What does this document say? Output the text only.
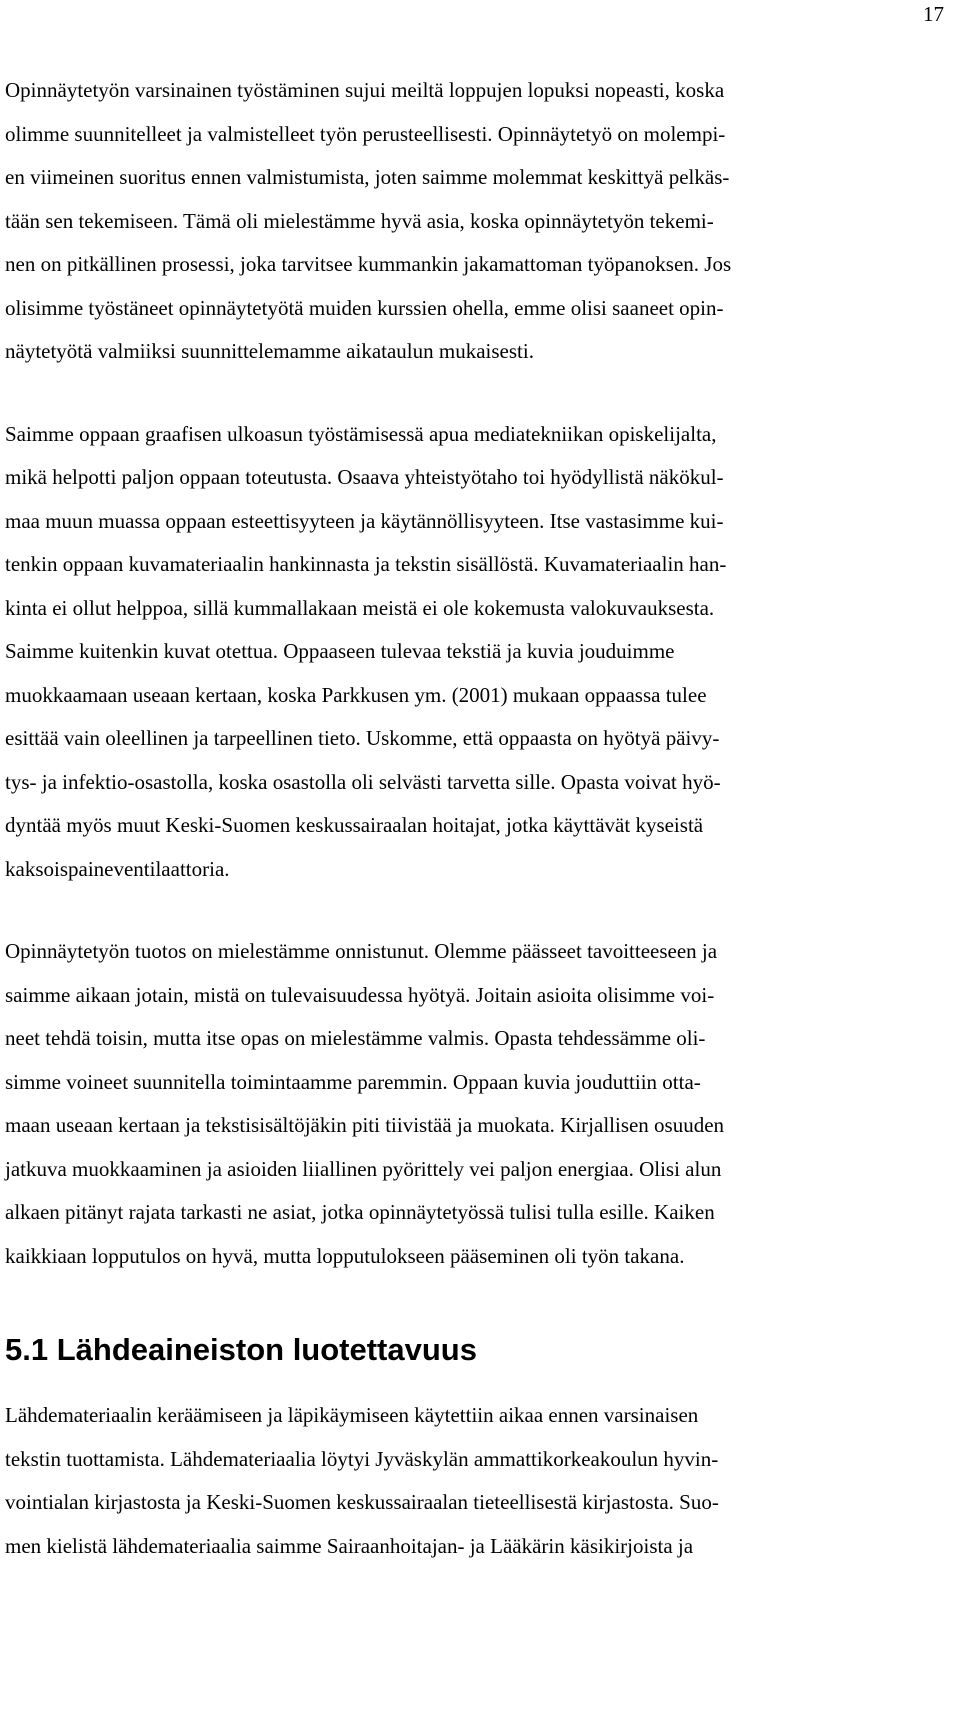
17

Opinnäytetyön varsinainen työstäminen sujui meiltä loppujen lopuksi nopeasti, koska
olimme suunnitelleet ja valmistelleet työn perusteellisesti. Opinnäytetyö on molempi-
en viimeinen suoritus ennen valmistumista, joten saimme molemmat keskittyä pelkäs-
tään sen tekemiseen. Tämä oli mielestämme hyvä asia, koska opinnäytetyön tekemi-
nen on pitkällinen prosessi, joka tarvitsee kummankin jakamattoman työpanoksen. Jos
olisimme työstäneet opinnäytetyötä muiden kurssien ohella, emme olisi saaneet opin-
näytetyötä valmiiksi suunnittelemamme aikataulun mukaisesti.

Saimme oppaan graafisen ulkoasun työstämisessä apua mediatekniikan opiskelijalta,
mikä helpotti paljon oppaan toteutusta. Osaava yhteistyötaho toi hyödyllistä näkökul-
maa muun muassa oppaan esteettisyyteen ja käytännöllisyyteen. Itse vastasimme kui-
tenkin oppaan kuvamateriaalin hankinnasta ja tekstin sisällöstä. Kuvamateriaalin han-
kinta ei ollut helppoa, sillä kummallakaan meistä ei ole kokemusta valokuvauksesta.
Saimme kuitenkin kuvat otettua. Oppaaseen tulevaa tekstiä ja kuvia jouduimme
muokkaamaan useaan kertaan, koska Parkkusen ym. (2001) mukaan oppaassa tulee
esittää vain oleellinen ja tarpeellinen tieto. Uskomme, että oppaasta on hyötyä päivy-
tys- ja infektio-osastolla, koska osastolla oli selvästi tarvetta sille. Opasta voivat hyö-
dyntää myös muut Keski-Suomen keskussairaalan hoitajat, jotka käyttävät kyseistä
kaksoispaineventilaattoria.

Opinnäytetyön tuotos on mielestämme onnistunut. Olemme päässeet tavoitteeseen ja
saimme aikaan jotain, mistä on tulevaisuudessa hyötyä. Joitain asioita olisimme voi-
neet tehdä toisin, mutta itse opas on mielestämme valmis. Opasta tehdessämme oli-
simme voineet suunnitella toimintaamme paremmin. Oppaan kuvia jouduttiin otta-
maan useaan kertaan ja tekstisisältöjäkin piti tiivistää ja muokata. Kirjallisen osuuden
jatkuva muokkaaminen ja asioiden liiallinen pyörittely vei paljon energiaa. Olisi alun
alkaen pitänyt rajata tarkasti ne asiat, jotka opinnäytetyössä tulisi tulla esille. Kaiken
kaikkiaan lopputulos on hyvä, mutta lopputulokseen pääseminen oli työn takana.

5.1 Lähdeaineiston luotettavuus

Lähdemateriaalin keräämiseen ja läpikäymiseen käytettiin aikaa ennen varsinaisen
tekstin tuottamista. Lähdemateriaalia löytyi Jyväskylän ammattikorkeakoulun hyvin-
vointialan kirjastosta ja Keski-Suomen keskussairaalan tieteellisestä kirjastosta. Suo-
men kielistä lähdemateriaalia saimme Sairaanhoitajan- ja Lääkärin käsikirjoista ja
